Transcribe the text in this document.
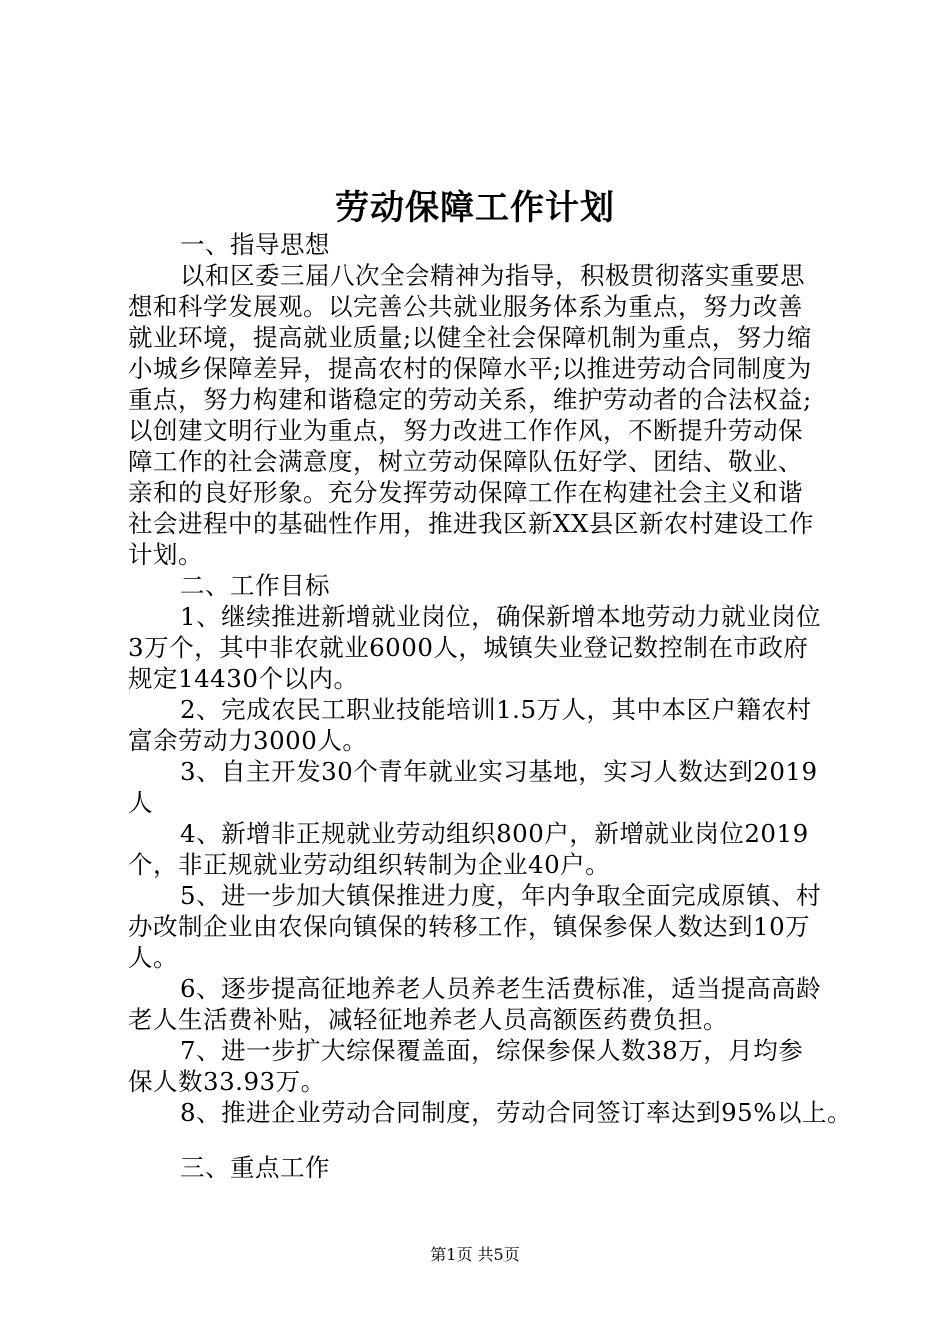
劳动保障工作计划
一、指导思想
以和区委三届八次全会精神为指导，积极贯彻落实重要思
想和科学发展观。以完善公共就业服务体系为重点，努力改善
就业环境，提高就业质量;以健全社会保障机制为重点，努力缩
小城乡保障差异，提高农村的保障水平;以推进劳动合同制度为
重点，努力构建和谐稳定的劳动关系，维护劳动者的合法权益;
以创建文明行业为重点，努力改进工作作风，不断提升劳动保
障工作的社会满意度，树立劳动保障队伍好学、团结、敬业、
亲和的良好形象。充分发挥劳动保障工作在构建社会主义和谐
社会进程中的基础性作用，推进我区新XX县区新农村建设工作
计划。
二、工作目标
1、继续推进新增就业岗位，确保新增本地劳动力就业岗位
3万个，其中非农就业6000人，城镇失业登记数控制在市政府
规定14430个以内。
2、完成农民工职业技能培训1.5万人，其中本区户籍农村
富余劳动力3000人。
3、自主开发30个青年就业实习基地，实习人数达到2019
人
4、新增非正规就业劳动组织800户，新增就业岗位2019
个，非正规就业劳动组织转制为企业40户。
5、进一步加大镇保推进力度，年内争取全面完成原镇、村
办改制企业由农保向镇保的转移工作，镇保参保人数达到10万
人。
6、逐步提高征地养老人员养老生活费标准，适当提高高龄
老人生活费补贴，减轻征地养老人员高额医药费负担。
7、进一步扩大综保覆盖面，综保参保人数38万，月均参
保人数33.93万。
8、推进企业劳动合同制度，劳动合同签订率达到95%以上。
三、重点工作
第1页 共5页
